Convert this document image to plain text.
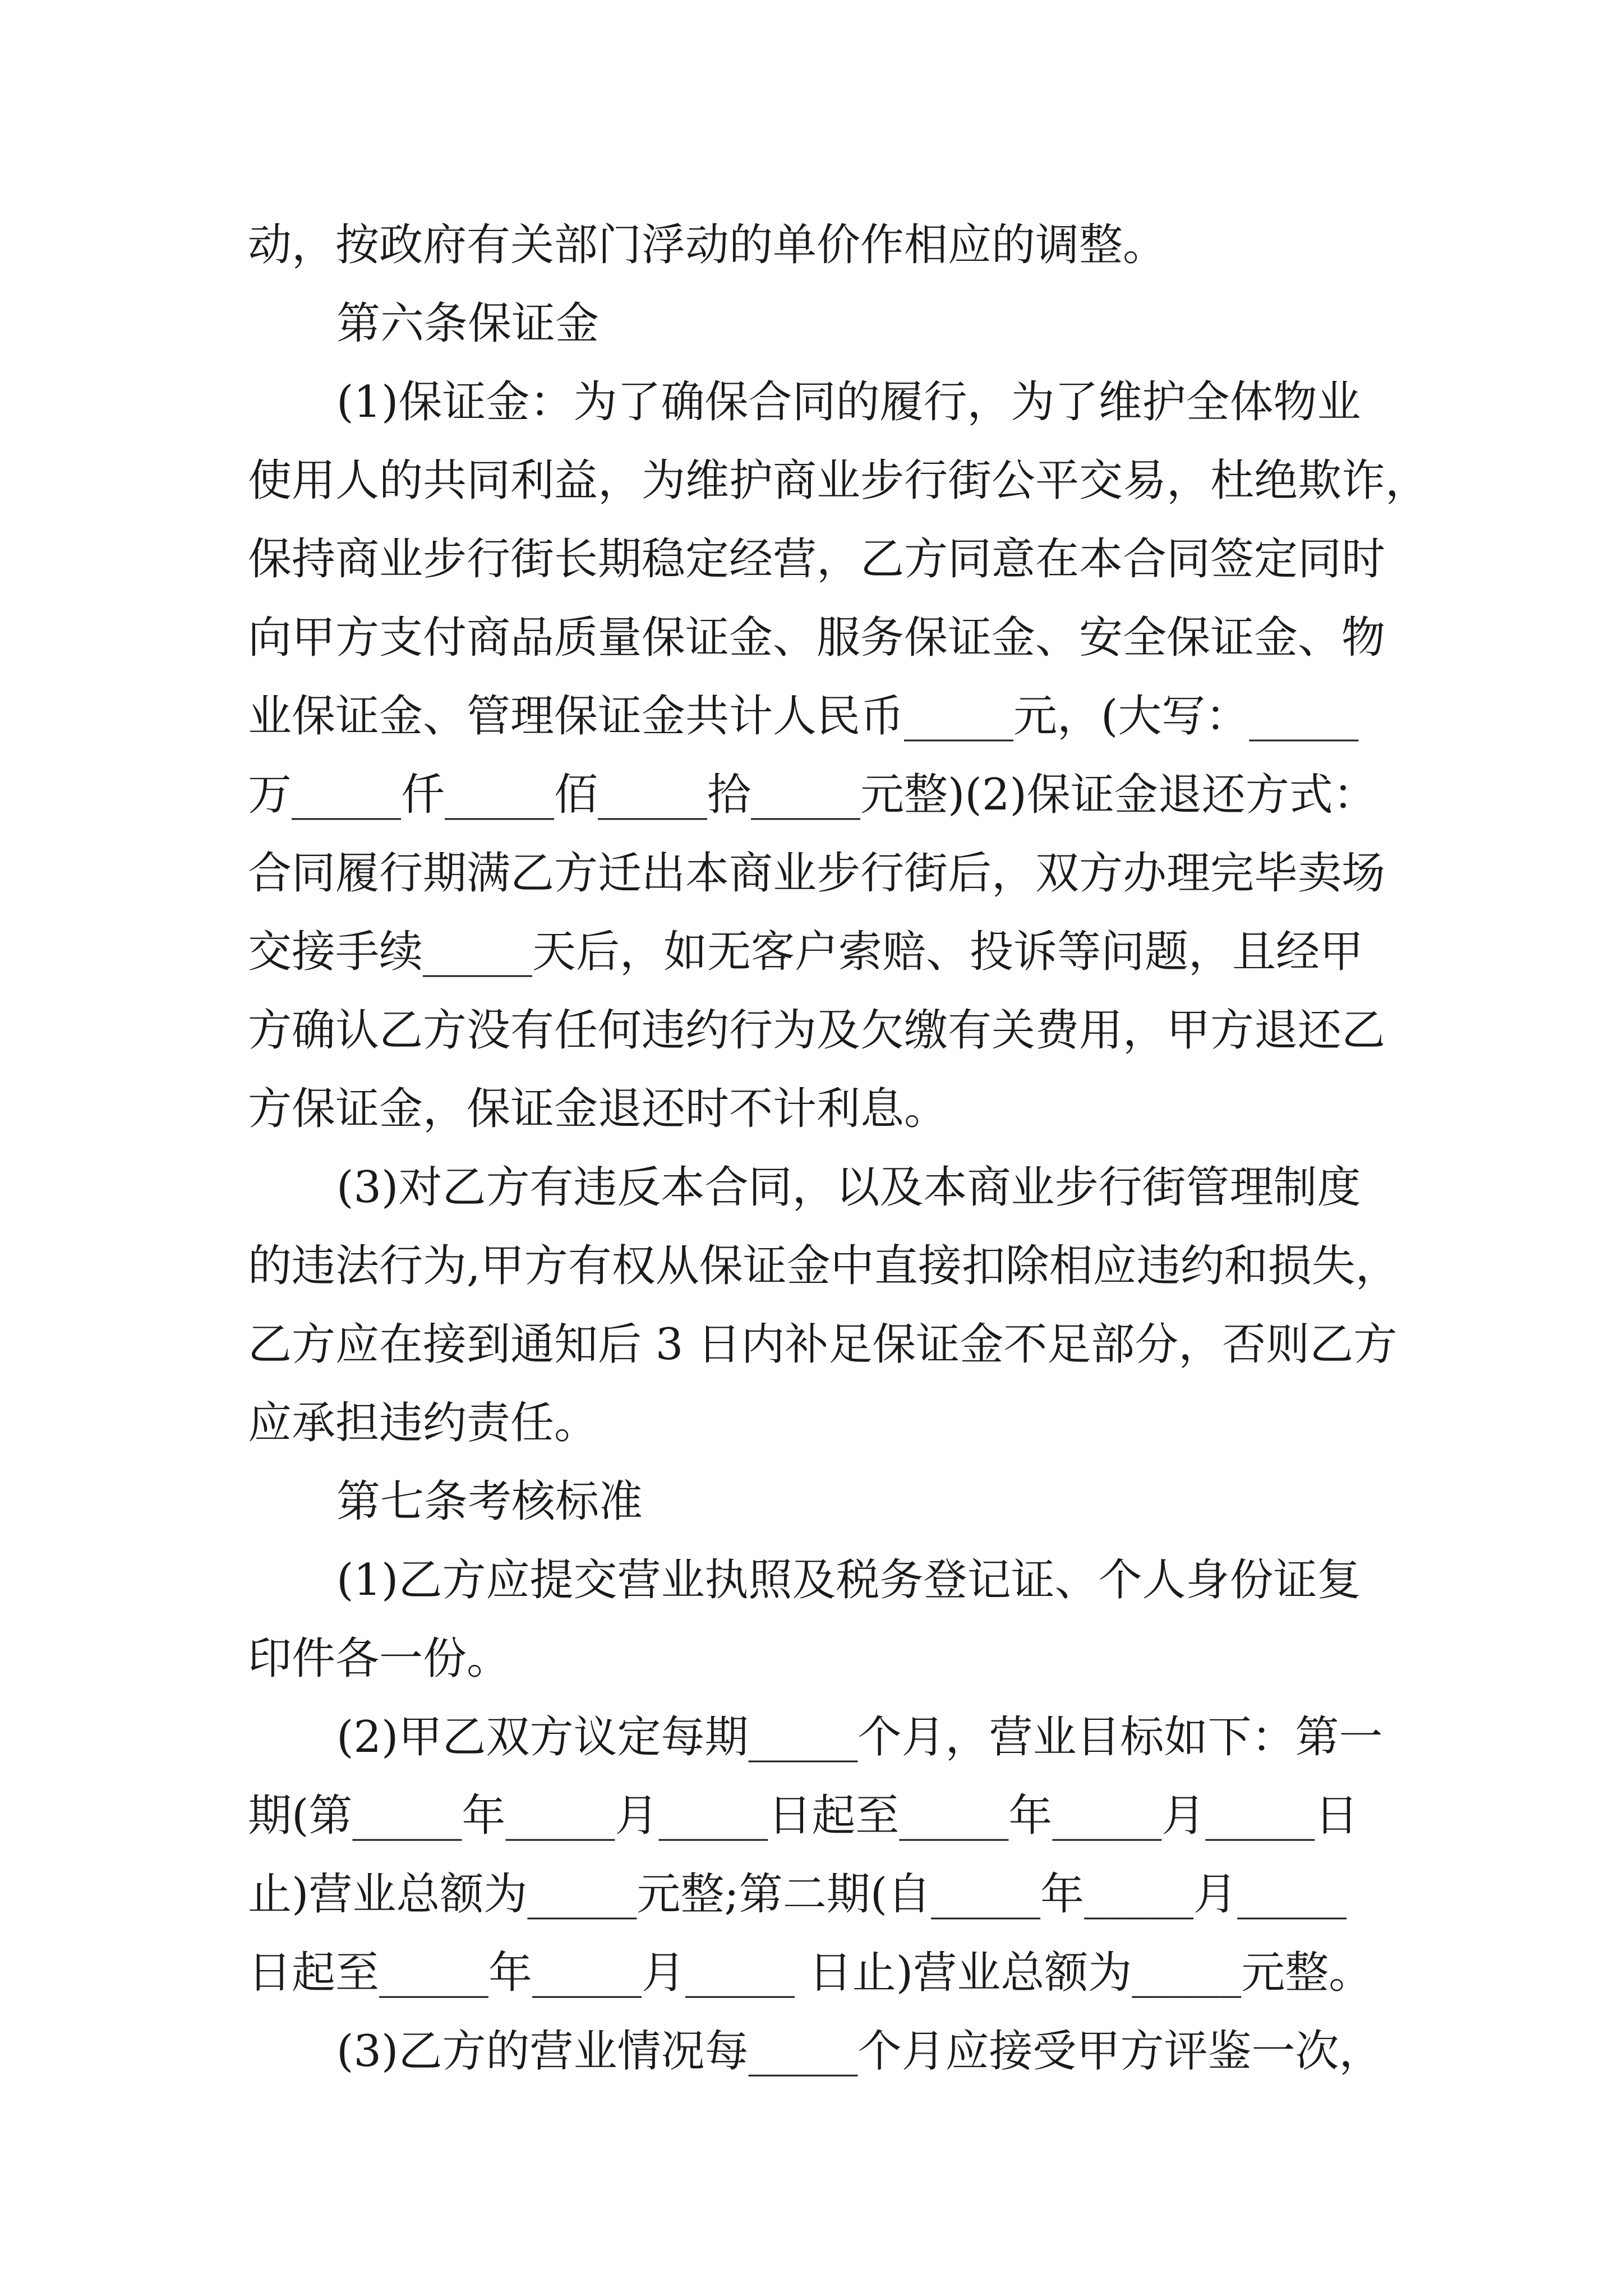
动，按政府有关部门浮动的单价作相应的调整。
第六条保证金
(1)保证金：为了确保合同的履行，为了维护全体物业
使用人的共同利益，为维护商业步行街公平交易，杜绝欺诈，
保持商业步行街长期稳定经营，乙方同意在本合同签定同时
向甲方支付商品质量保证金、服务保证金、安全保证金、物
业保证金、管理保证金共计人民币_____元，(大写：_____
万_____仟_____佰_____拾_____元整)(2)保证金退还方式：
合同履行期满乙方迁出本商业步行街后，双方办理完毕卖场
交接手续_____天后，如无客户索赔、投诉等问题，且经甲
方确认乙方没有任何违约行为及欠缴有关费用，甲方退还乙
方保证金，保证金退还时不计利息。
(3)对乙方有违反本合同，以及本商业步行街管理制度
的违法行为,甲方有权从保证金中直接扣除相应违约和损失，
乙方应在接到通知后 3 日内补足保证金不足部分，否则乙方
应承担违约责任。
第七条考核标准
(1)乙方应提交营业执照及税务登记证、个人身份证复
印件各一份。
(2)甲乙双方议定每期_____个月，营业目标如下：第一
期(第_____年_____月_____日起至_____年_____月_____日
止)营业总额为_____元整;第二期(自_____年_____月_____
日起至_____年_____月_____ 日止)营业总额为_____元整。
(3)乙方的营业情况每_____个月应接受甲方评鉴一次，
